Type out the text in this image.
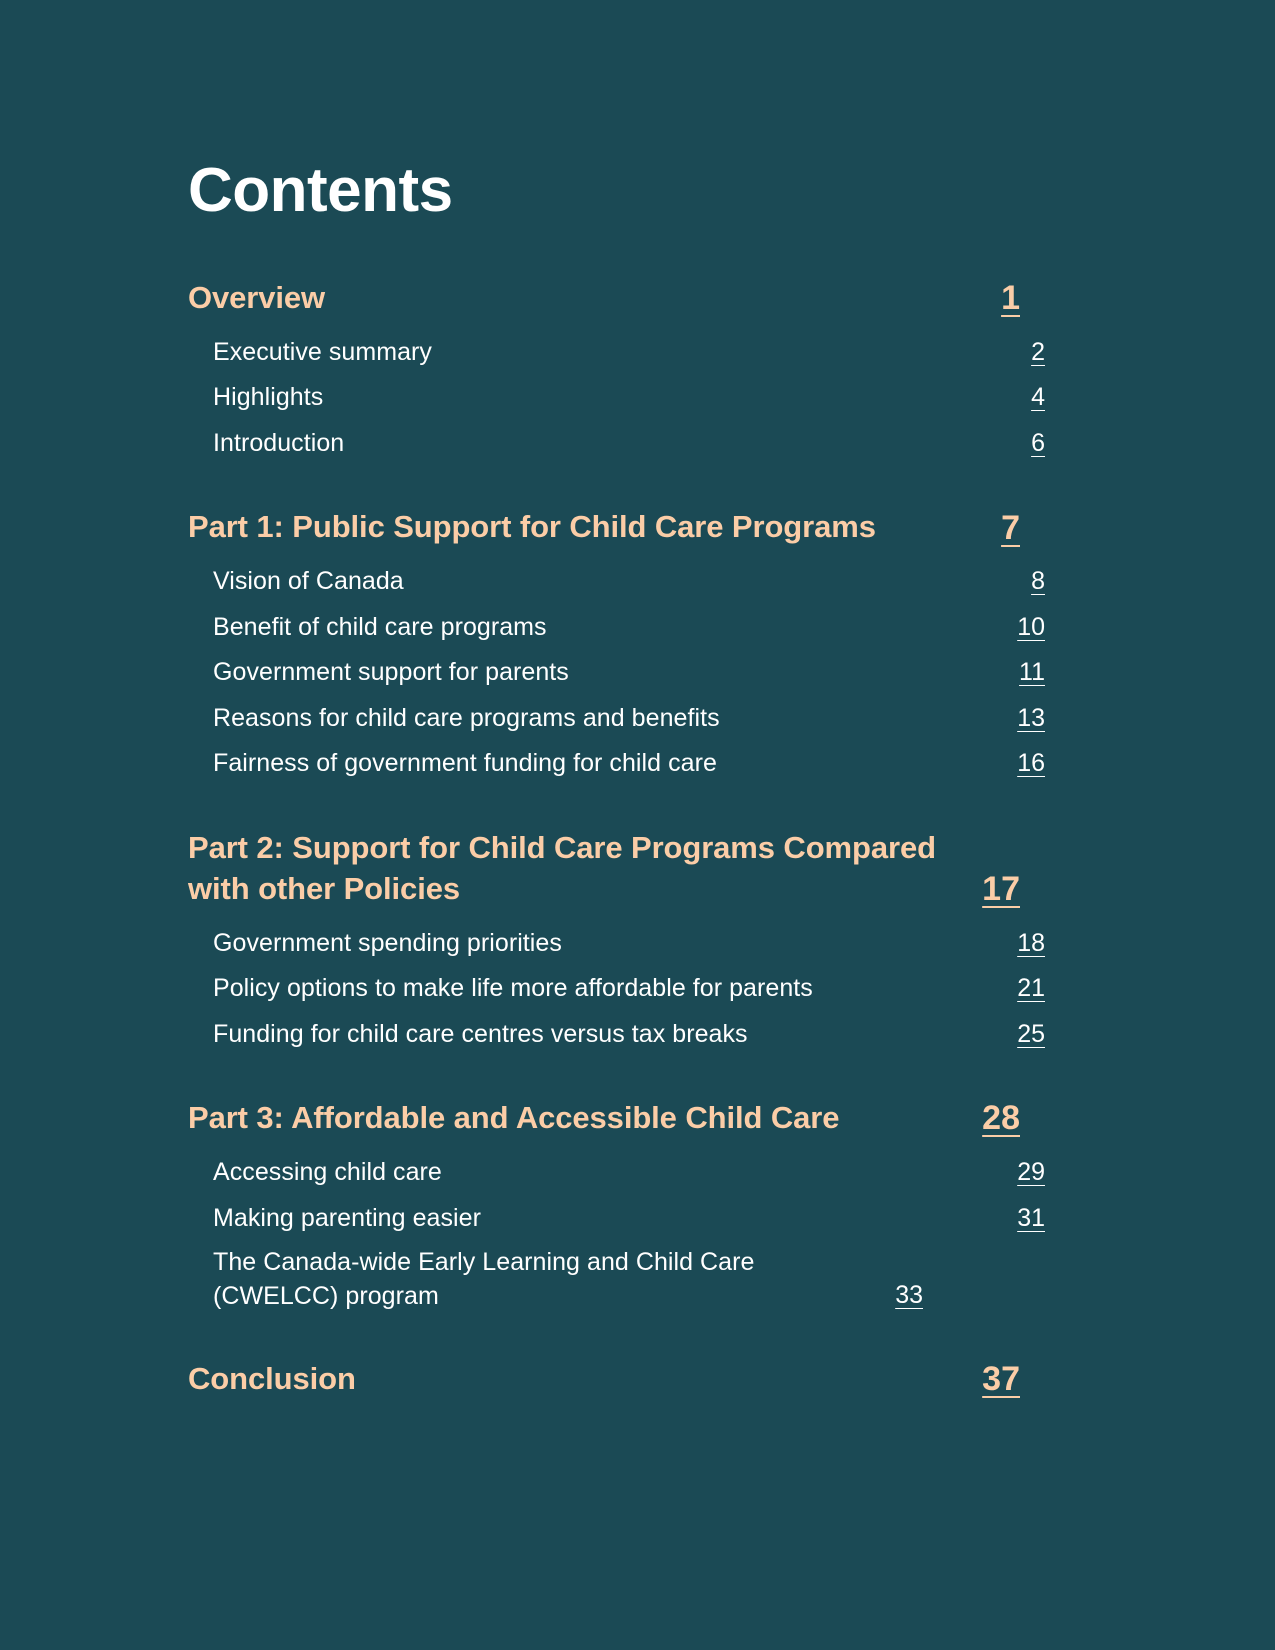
Contents
Overview	1
Executive summary	2
Highlights	4
Introduction	6
Part 1: Public Support for Child Care Programs	7
Vision of Canada	8
Benefit of child care programs	10
Government support for parents	11
Reasons for child care programs and benefits	13
Fairness of government funding for child care	16
Part 2: Support for Child Care Programs Compared with other Policies	17
Government spending priorities	18
Policy options to make life more affordable for parents	21
Funding for child care centres versus tax breaks	25
Part 3: Affordable and Accessible Child Care	28
Accessing child care	29
Making parenting easier	31
The Canada-wide Early Learning and Child Care (CWELCC) program	33
Conclusion	37
